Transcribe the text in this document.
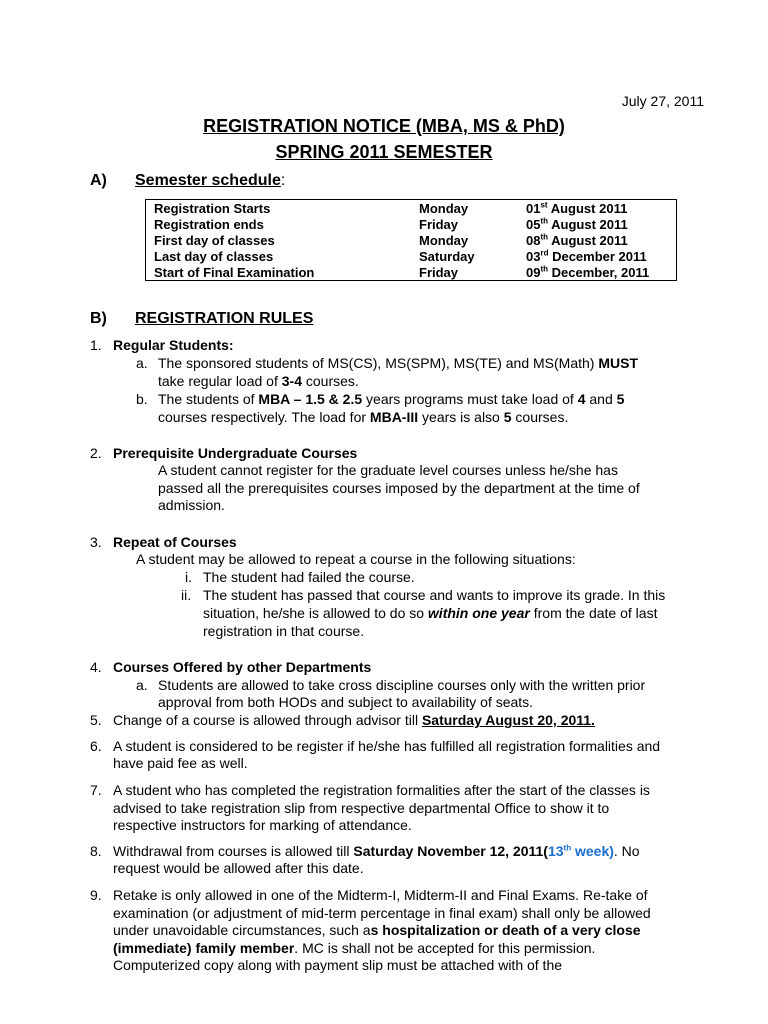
July 27, 2011
REGISTRATION NOTICE (MBA, MS & PhD)
SPRING 2011 SEMESTER
A) Semester schedule:
Registration Starts	Monday	01st August 2011
Registration ends	Friday	05th August 2011
First day of classes	Monday	08th August 2011
Last day of classes	Saturday	03rd December 2011
Start of Final Examination	Friday	09th December, 2011
B) REGISTRATION RULES
1. Regular Students:
a. The sponsored students of MS(CS), MS(SPM), MS(TE) and MS(Math) MUST
take regular load of 3-4 courses.
b. The students of MBA – 1.5 & 2.5 years programs must take load of 4 and 5
courses respectively. The load for MBA-III years is also 5 courses.
2. Prerequisite Undergraduate Courses
A student cannot register for the graduate level courses unless he/she has
passed all the prerequisites courses imposed by the department at the time of
admission.
3. Repeat of Courses
A student may be allowed to repeat a course in the following situations:
i. The student had failed the course.
ii. The student has passed that course and wants to improve its grade. In this
situation, he/she is allowed to do so within one year from the date of last
registration in that course.
4. Courses Offered by other Departments
a. Students are allowed to take cross discipline courses only with the written prior
approval from both HODs and subject to availability of seats.
5. Change of a course is allowed through advisor till Saturday August 20, 2011.
6. A student is considered to be register if he/she has fulfilled all registration formalities and
have paid fee as well.
7. A student who has completed the registration formalities after the start of the classes is
advised to take registration slip from respective departmental Office to show it to
respective instructors for marking of attendance.
8. Withdrawal from courses is allowed till Saturday November 12, 2011(13th week). No
request would be allowed after this date.
9. Retake is only allowed in one of the Midterm-I, Midterm-II and Final Exams. Re-take of
examination (or adjustment of mid-term percentage in final exam) shall only be allowed
under unavoidable circumstances, such as hospitalization or death of a very close
(immediate) family member. MC is shall not be accepted for this permission.
Computerized copy along with payment slip must be attached with of the
